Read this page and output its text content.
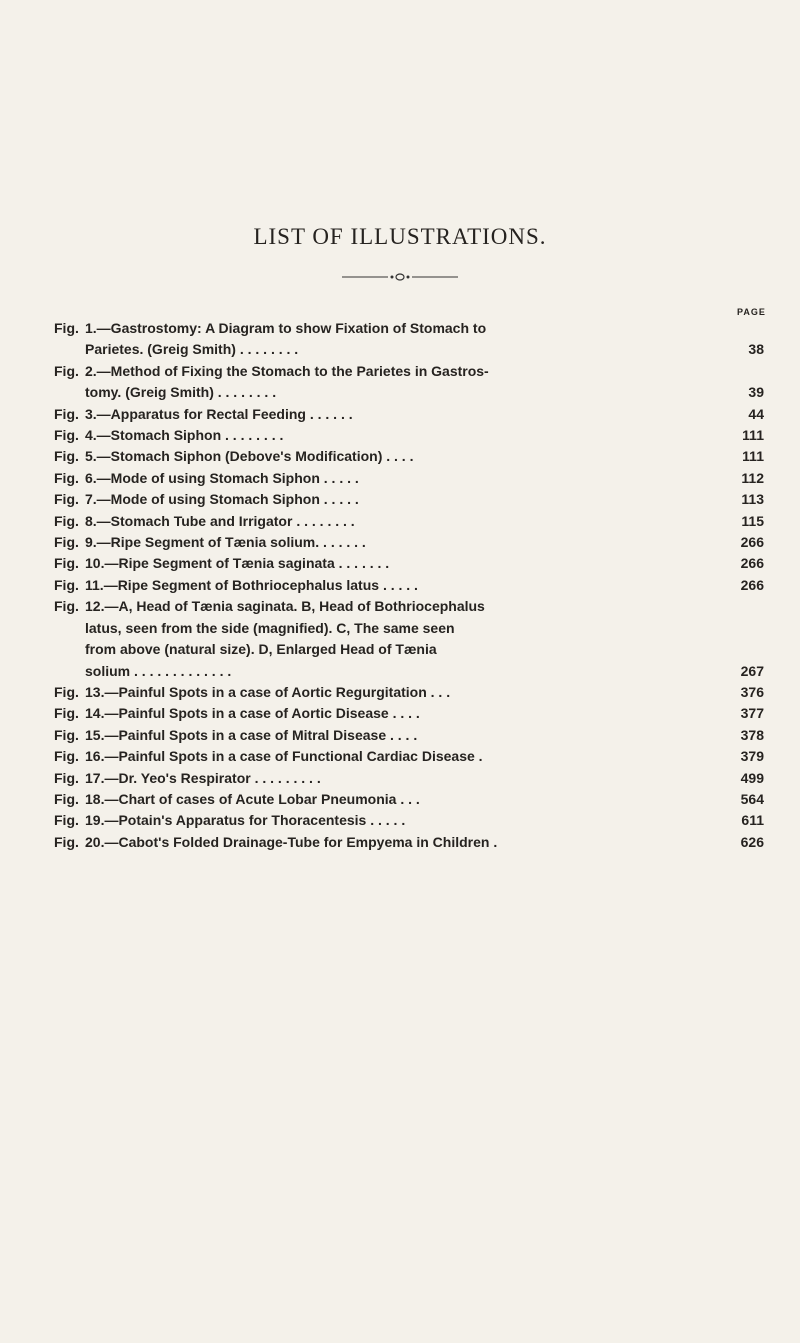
LIST OF ILLUSTRATIONS.
PAGE
Fig. 1.—Gastrostomy: A Diagram to show Fixation of Stomach to
Parietes. (Greig Smith) . . . . . . . .	38
Fig. 2.—Method of Fixing the Stomach to the Parietes in Gastros-
tomy. (Greig Smith) . . . . . . . .	39
Fig. 3.—Apparatus for Rectal Feeding . . . . . .	44
Fig. 4.—Stomach Siphon . . . . . . . .	111
Fig. 5.—Stomach Siphon (Debove's Modification) . . . .	111
Fig. 6.—Mode of using Stomach Siphon . . . . .	112
Fig. 7.—Mode of using Stomach Siphon . . . . .	113
Fig. 8.—Stomach Tube and Irrigator . . . . . . . .	115
Fig. 9.—Ripe Segment of Tænia solium. . . . . . .	266
Fig. 10.—Ripe Segment of Tænia saginata . . . . . . .	266
Fig. 11.—Ripe Segment of Bothriocephalus latus . . . . .	266
Fig. 12.—A, Head of Tænia saginata. B, Head of Bothriocephalus
latus, seen from the side (magnified). C, The same seen
from above (natural size). D, Enlarged Head of Tænia
solium . . . . . . . . . . . . .	267
Fig. 13.—Painful Spots in a case of Aortic Regurgitation . . .	376
Fig. 14.—Painful Spots in a case of Aortic Disease . . . .	377
Fig. 15.—Painful Spots in a case of Mitral Disease . . . .	378
Fig. 16.—Painful Spots in a case of Functional Cardiac Disease .	379
Fig. 17.—Dr. Yeo's Respirator . . . . . . . . .	499
Fig. 18.—Chart of cases of Acute Lobar Pneumonia . . .	564
Fig. 19.—Potain's Apparatus for Thoracentesis . . . . .	611
Fig. 20.—Cabot's Folded Drainage-Tube for Empyema in Children .	626
